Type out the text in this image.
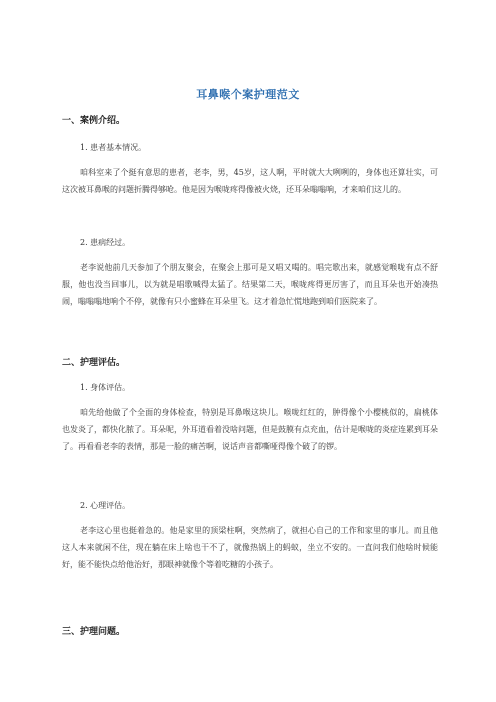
耳鼻喉个案护理范文
一、案例介绍。
1. 患者基本情况。
咱科室来了个挺有意思的患者，老李，男，45岁，这人啊，平时就大大咧咧的，身体也还算壮实，可这次被耳鼻喉的问题折腾得够呛。他是因为喉咙疼得像被火烧，还耳朵嗡嗡响，才来咱们这儿的。
2. 患病经过。
老李说他前几天参加了个朋友聚会，在聚会上那可是又唱又喝的。唱完歌出来，就感觉喉咙有点不舒服，他也没当回事儿，以为就是唱歌喊得太猛了。结果第二天，喉咙疼得更厉害了，而且耳朵也开始凑热闹，嗡嗡嗡地响个不停，就像有只小蜜蜂在耳朵里飞。这才着急忙慌地跑到咱们医院来了。
二、护理评估。
1. 身体评估。
咱先给他做了个全面的身体检查，特别是耳鼻喉这块儿。喉咙红红的，肿得像个小樱桃似的，扁桃体也发炎了，都快化脓了。耳朵呢，外耳道看着没啥问题，但是鼓膜有点充血，估计是喉咙的炎症连累到耳朵了。再看看老李的表情，那是一脸的痛苦啊，说话声音都嘶哑得像个破了的锣。
2. 心理评估。
老李这心里也挺着急的。他是家里的顶梁柱啊，突然病了，就担心自己的工作和家里的事儿。而且他这人本来就闲不住，现在躺在床上啥也干不了，就像热锅上的蚂蚁，坐立不安的。一直问我们他啥时候能好，能不能快点给他治好，那眼神就像个等着吃糖的小孩子。
三、护理问题。
